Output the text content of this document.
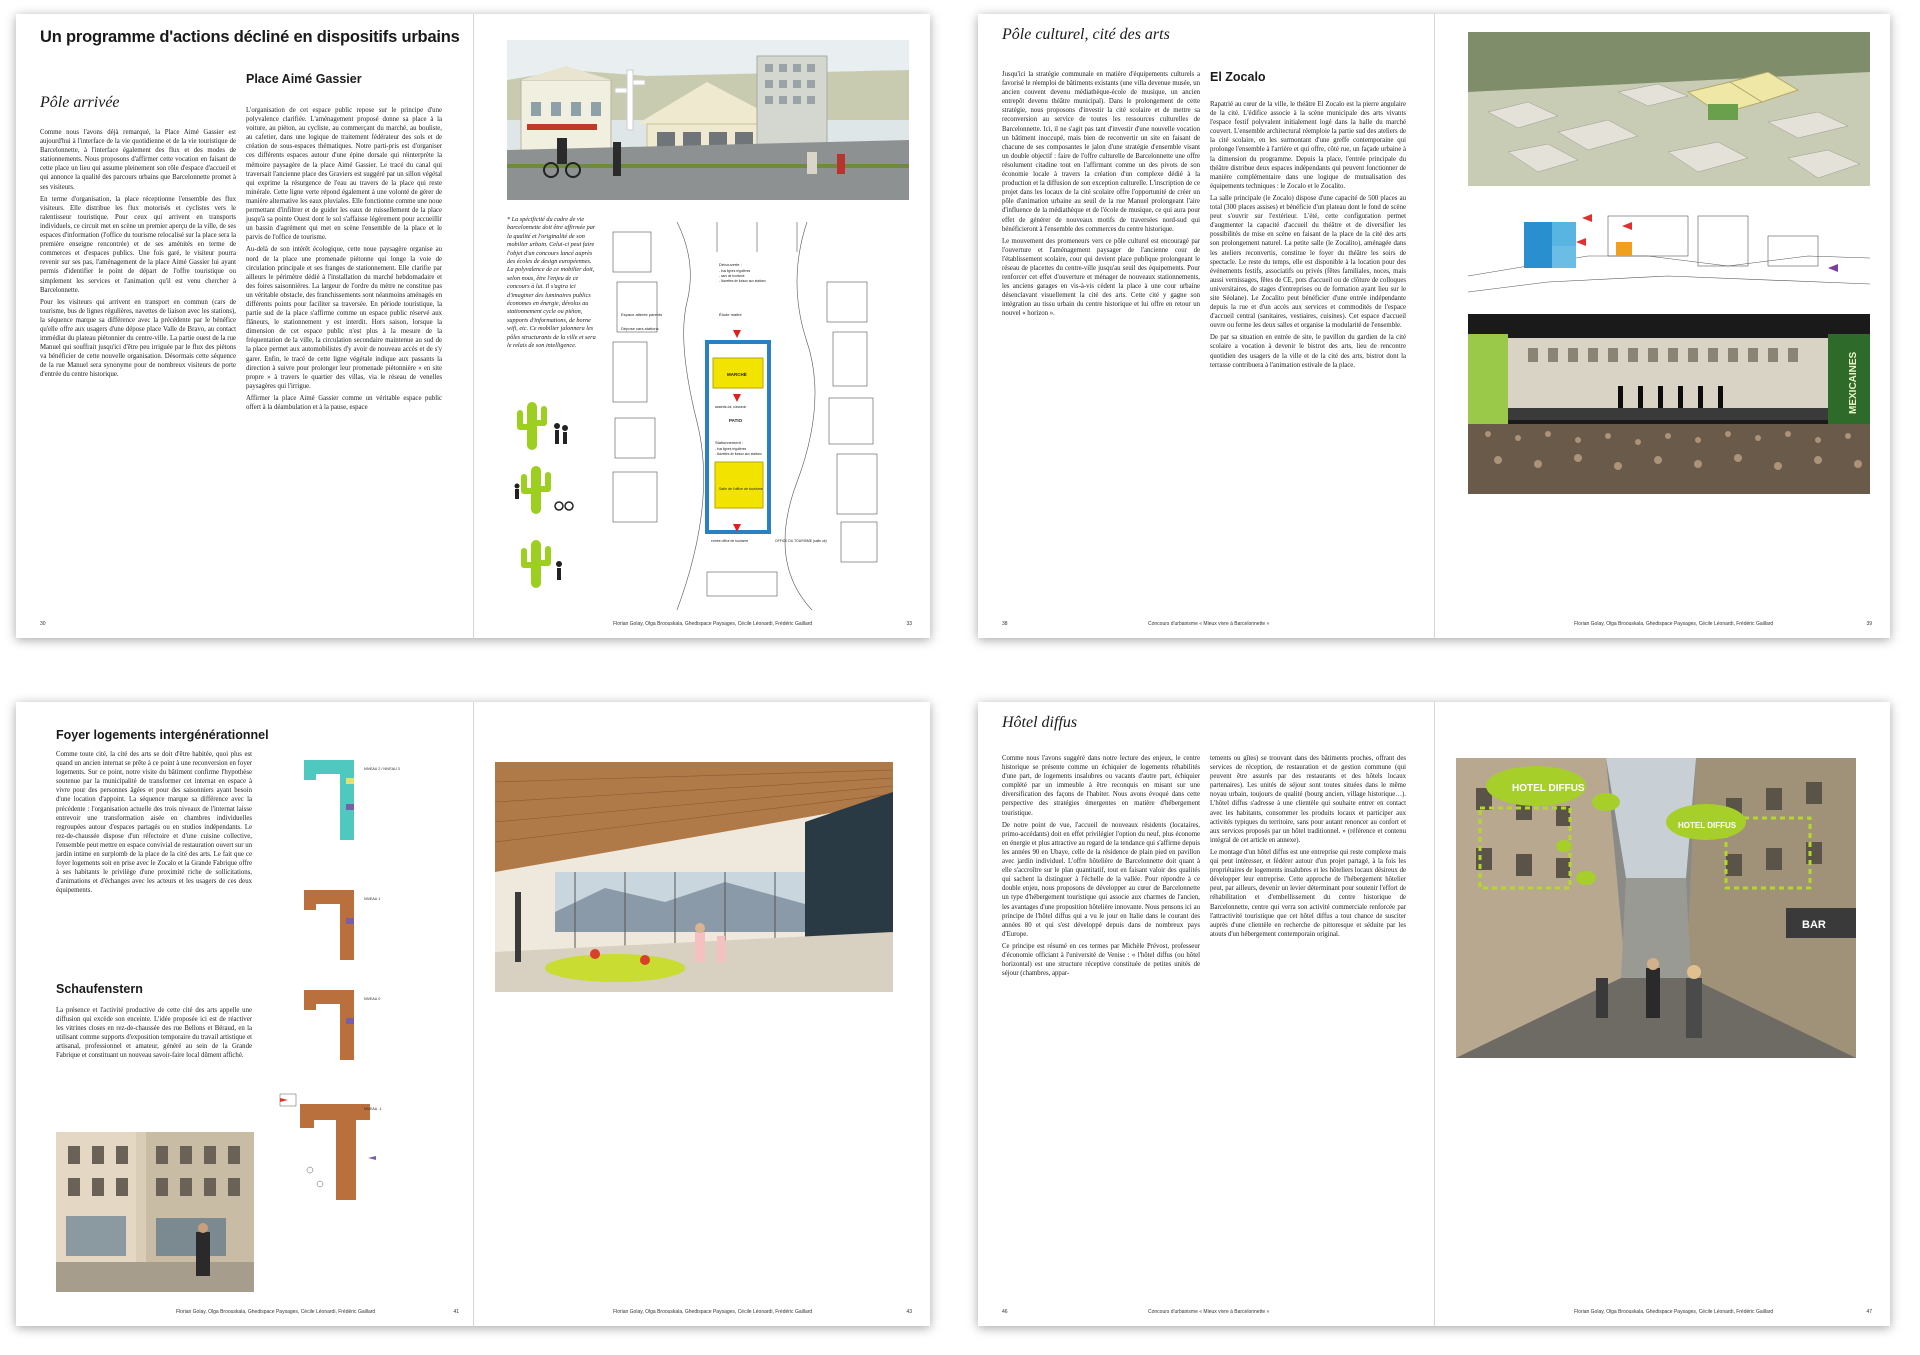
Un programme d'actions décliné en dispositifs urbains
Pôle arrivée
Place Aimé Gassier

Comme nous l'avons déjà remarqué, la Place Aimé Gassier est aujourd'hui à l'interface de la vie quotidienne et de la vie touristique de Barcelonnette, à l'interface également des flux et des modes de stationnements. Nous proposons d'affirmer cette vocation en faisant de cette place un lieu qui assume pleinement son rôle d'espace d'accueil et qui annonce la qualité des parcours urbains que Barcelonnette promet à ses visiteurs.

En terme d'organisation, la place réceptionne l'ensemble des flux visiteurs. Elle distribue les flux motorisés et cyclistes vers le ralentisseur touristique. Pour ceux qui arrivent en transports individuels, ce circuit met en scène un premier aperçu de la ville, de ses espaces d'information (l'office du tourisme relocalisé sur la place sera la première enseigne rencontrée) et de ses aménités en terme de commerces et d'espaces publics. Une fois garé, le visiteur pourra revenir sur ses pas, l'aménagement de la place Aimé Gassier lui ayant permis d'identifier le point de départ de l'offre touristique ou simplement les services et l'animation qu'il est venu chercher à Barcelonnette.

Pour les visiteurs qui arrivent en transport en commun (cars de tourisme, bus de lignes régulières, navettes de liaison avec les stations), la séquence marque sa différence avec la précédente par le bénéfice qu'elle offre aux usagers d'une dépose place Valle de Bravo, au contact immédiat du plateau piétonnier du centre-ville. La partie ouest de la rue Manuel qui souffrait jusqu'ici d'être peu irriguée par le flux des piétons va bénéficier de cette nouvelle organisation. Désormais cette séquence de la rue Manuel sera synonyme pour de nombreux visiteurs de porte d'entrée du centre historique.

L'organisation de cet espace public repose sur le principe d'une polyvalence clarifiée. L'aménagement proposé donne sa place à la voiture, au piéton, au cycliste, au commerçant du marché, au bouliste, au cafetier, dans une logique de traitement fédérateur des sols et de création de sous-espaces thématiques. Notre parti-pris est d'organiser ces différents espaces autour d'une épine dorsale qui réinterprète la mémoire paysagère de la place Aimé Gassier. Le tracé du canal qui traversait l'ancienne place des Graviers est suggéré par un sillon végétal qui exprime la résurgence de l'eau au travers de la place qui reste minérale. Cette ligne verte répond également à une volonté de gérer de manière alternative les eaux pluviales. Elle fonctionne comme une noue permettant d'infiltrer et de guider les eaux de ruissellement de la place jusqu'à sa pointe Ouest dont le sol s'affaisse légèrement pour accueillir un bassin d'agrément qui met en scène l'ensemble de la place et le parvis de l'office de tourisme.

Au-delà de son intérêt écologique, cette noue paysagère organise au nord de la place une promenade piétonne qui longe la voie de circulation principale et ses franges de stationnement. Elle clarifie par ailleurs le périmètre dédié à l'installation du marché hebdomadaire et des foires saisonnières. La largeur de l'ordre du mètre ne constitue pas un véritable obstacle, des franchissements sont néanmoins aménagés en différents points pour faciliter sa traversée. En période touristique, la partie sud de la place s'affirme comme un espace public réservé aux flâneurs, le stationnement y est interdit. Hors saison, lorsque la dimension de cet espace public n'est plus à la mesure de la fréquentation de la ville, la circulation secondaire maintenue au sud de la place permet aux automobilistes d'y avoir de nouveau accès et de s'y garer. Enfin, le tracé de cette ligne végétale indique aux passants la direction à suivre pour prolonger leur promenade piétonnière « en site propre » à travers le quartier des villas, via le réseau de venelles paysagères qui l'irrigue.

Affirmer la place Aimé Gassier comme un véritable espace public offert à la déambulation et à la pause, espace

30
* La spécificité du cadre de vie barcelonnette doit être affirmée par la qualité et l'originalité de son mobilier urbain. Celui-ci peut faire l'objet d'un concours lancé auprès des écoles de design européennes. La polyvalence de ce mobilier doit, selon nous, être l'enjeu de ce concours à lui. Il s'agira ici d'imaginer des luminaires publics économes en énergie, dévolus au stationnement cycle ou piéton, supports d'informations, de borne wifi, etc. Ce mobilier jalonnera les pôles structurants de la ville et sera le relais de son intelligence.
Découverte :
- bus lignes régulières
- cars de tourisme
- Navettes de liaison aux stations
Espace attente parents
Dépose cars-stations
Étude maitre
MARCHÉ
assieds-toi, s'asseoir
PATIO
Stationnement :
- bus lignes régulières
- Navettes de liaison aux stations
Salle de l'office de tourisme
entrée office de tourisme	OFFICE DU TOURISME (salle ok)
Florian Golay, Olga Broouskala, Ghedispace Paysages, Cécile Léonardi, Frédéric Gaillard	33
Pôle culturel, cité des arts
El Zocalo

Jusqu'ici la stratégie communale en matière d'équipements culturels a favorisé le réemploi de bâtiments existants (une villa devenue musée, un ancien couvent devenu médiathèque-école de musique, un ancien entrepôt devenu théâtre municipal). Dans le prolongement de cette stratégie, nous proposons d'investir la cité scolaire et de mettre sa reconversion au service de toutes les ressources culturelles de Barcelonnette. Ici, il ne s'agit pas tant d'investir d'une nouvelle vocation un bâtiment inoccupé, mais bien de reconvertir un site en faisant de chacune de ses composantes le jalon d'une stratégie d'ensemble visant un double objectif : faire de l'offre culturelle de Barcelonnette une offre résolument citadine tout en l'affirmant comme un des pivots de son économie locale à travers la création d'un complexe dédié à la production et la diffusion de son exception culturelle. L'inscription de ce projet dans les locaux de la cité scolaire offre l'opportunité de créer un pôle d'animation urbaine au seuil de la rue Manuel prolongeant l'aire d'influence de la médiathèque et de l'école de musique, ce qui aura pour effet de générer de nouveaux motifs de traversées nord-sud qui bénéficieront à l'ensemble des commerces du centre historique.

Le mouvement des promeneurs vers ce pôle culturel est encouragé par l'ouverture et l'aménagement paysager de l'ancienne cour de l'établissement scolaire, cour qui devient place publique prolongeant le réseau de placettes du centre-ville jusqu'au seuil des équipements. Pour renforcer cet effet d'ouverture et ménager de nouveaux stationnements, les anciens garages en vis-à-vis cèdent la place à une cour urbaine désenclavant visuellement la cité des arts. Cette cité y gagne son intégration au tissu urbain du centre historique et lui offre en retour un nouvel « horizon ».

Rapatrié au cœur de la ville, le théâtre El Zocalo est la pierre angulaire de la cité. L'édifice associe à la scène municipale des arts vivants l'espace festif polyvalent initialement logé dans la halle du marché couvert. L'ensemble architectural réemploie la partie sud des ateliers de la cité scolaire, en les surmontant d'une greffe contemporaine qui prolonge l'ensemble à l'arrière et qui offre, côté rue, un façade urbaine à la dimension du programme. Depuis la place, l'entrée principale du théâtre distribue deux espaces indépendants qui peuvent fonctionner de manière complémentaire dans une logique de mutualisation des équipements techniques : le Zocalo et le Zocalito.

La salle principale (le Zocalo) dispose d'une capacité de 500 places au total (300 places assises) et bénéficie d'un plateau dont le fond de scène peut s'ouvrir sur l'extérieur. L'été, cette configuration permet d'augmenter la capacité d'accueil du théâtre et de diversifier les possibilités de mise en scène en faisant de la place de la cité des arts son prolongement naturel. La petite salle (le Zocalito), aménagée dans les ateliers reconvertis, constitue le foyer du théâtre les soirs de spectacle. Le reste du temps, elle est disponible à la location pour des événements festifs, associatifs ou privés (fêtes familiales, noces, mais aussi vernissages, fêtes de CE, pots d'accueil ou de clôture de colloques universitaires, de stages d'entreprises ou de formation ayant lieu sur le site Séolane). Le Zocalito peut bénéficier d'une entrée indépendante depuis la rue et d'un accès aux services et commodités de l'espace d'accueil central (sanitaires, vestiaires, cuisines). Cet espace d'accueil ouvre ou ferme les deux salles et organise la modularité de l'ensemble.

De par sa situation en entrée de site, le pavillon du gardien de la cité scolaire a vocation à devenir le bistrot des arts, lieu de rencontre quotidien des usagers de la ville et de la cité des arts, bistrot dont la terrasse contribuera à l'animation estivale de la place.

38	Concours d'urbanisme « Mieux vivre à Barcelonnette »
MEXICAINES
Florian Golay, Olga Broouskala, Ghedispace Paysages, Cécile Léonardi, Frédéric Gaillard	39
Foyer logements intergénérationnel

Comme toute cité, la cité des arts se doit d'être habitée, quoi plus est quand un ancien internat se prête à ce point à une reconversion en foyer logements. Sur ce point, notre visite du bâtiment confirme l'hypothèse soutenue par la municipalité de transformer cet internat en espace à vivre pour des personnes âgées et pour des saisonniers ayant besoin d'une location d'appoint. La séquence marque sa différence avec la précédente : l'organisation actuelle des trois niveaux de l'internat laisse entrevoir une transformation aisée en chambres individuelles regroupées autour d'espaces partagés ou en studios indépendants. Le rez-de-chaussée dispose d'un réfectoire et d'une cuisine collective, l'ensemble peut mettre en espace convivial de restauration ouvert sur un jardin intime en surplomb de la place de la cité des arts. Le fait que ce foyer logements soit en prise avec le Zocalo et la Grande Fabrique offre à ses habitants le privilège d'une proximité riche de sollicitations, d'animations et d'échanges avec les acteurs et les usagers de ces deux équipements.

Schaufenstern

La présence et l'activité productive de cette cité des arts appelle une diffusion qui excède son enceinte. L'idée proposée ici est de réactiver les vitrines closes en rez-de-chaussée des rue Bellons et Béraud, en la utilisant comme supports d'exposition temporaire du travail artistique et artisanal, professionnel et amateur, généré au sein de la Grande Fabrique et constituant un nouveau savoir-faire local dûment affiché.

NIVEAU 2 / NIVEAU 3
NIVEAU 1
NIVEAU 0
NIVEAU -1
Florian Golay, Olga Broouskala, Ghedispace Paysages, Cécile Léonardi, Frédéric Gaillard	41	Florian Golay, Olga Broouskala, Ghedispace Paysages, Cécile Léonardi, Frédéric Gaillard	43
Hôtel diffus

Comme nous l'avons suggéré dans notre lecture des enjeux, le centre historique se présente comme un échiquier de logements réhabilités d'une part, de logements insalubres ou vacants d'autre part, échiquier complété par un immeuble à être reconquis en misant sur une diversification des façons de l'habiter. Nous avons évoqué dans cette perspective des stratégies émergentes en matière d'hébergement touristique.

De notre point de vue, l'accueil de nouveaux résidents (locataires, primo-accédants) doit en effet privilégier l'option du neuf, plus économe en énergie et plus attractive au regard de la tendance qui s'affirme depuis les années 90 en Ubaye, celle de la résidence de plain pied en pavillon avec jardin individuel. L'offre hôtelière de Barcelonnette doit quant à elle s'accroître sur le plan quantitatif, tout en faisant valoir des qualités qui sachent la distinguer à l'échelle de la vallée. Pour répondre à ce double enjeu, nous proposons de développer au cœur de Barcelonnette un type d'hébergement touristique qui associe aux charmes de l'ancien, les avantages d'une proposition hôtelière innovante. Nous pensons ici au principe de l'hôtel diffus qui a vu le jour en Italie dans le courant des années 80 et qui s'est développé depuis dans de nombreux pays d'Europe.

Ce principe est résumé en ces termes par Michèle Prévost, professeur d'économie officiant à l'université de Venise : « l'hôtel diffus (ou hôtel horizontal) est une structure réceptive constituée de petites unités de séjour (chambres, appar-

tements ou gîtes) se trouvant dans des bâtiments proches, offrant des services de réception, de restauration et de gestion commune (qui peuvent être assurés par des restaurants et des hôtels locaux partenaires). Les unités de séjour sont toutes situées dans le même noyau urbain, toujours de qualité (bourg ancien, village historique…). L'hôtel diffus s'adresse à une clientèle qui souhaite entrer en contact avec les habitants, consommer les produits locaux et participer aux activités typiques du territoire, sans pour autant renoncer au confort et aux services proposés par un hôtel traditionnel. » (référence et contenu intégral de cet article en annexe).

Le montage d'un hôtel diffus est une entreprise qui reste complexe mais qui peut intéresser, et fédérer autour d'un projet partagé, à la fois les propriétaires de logements insalubres et les hôteliers locaux désireux de développer leur entreprise. Cette approche de l'hébergement hôtelier peut, par ailleurs, devenir un levier déterminant pour soutenir l'effort de réhabilitation et d'embellissement du centre historique de Barcelonnette, centre qui verra son activité commerciale renforcée par l'attractivité touristique que cet hôtel diffus a tout chance de susciter auprès d'une clientèle en recherche de pittoresque et séduite par les atouts d'un hébergement contemporain original.

46	Concours d'urbanisme « Mieux vivre à Barcelonnette »
BAR
HOTEL DIFFUS
HOTEL DIFFUS
Florian Golay, Olga Broouskala, Ghedispace Paysages, Cécile Léonardi, Frédéric Gaillard	47
